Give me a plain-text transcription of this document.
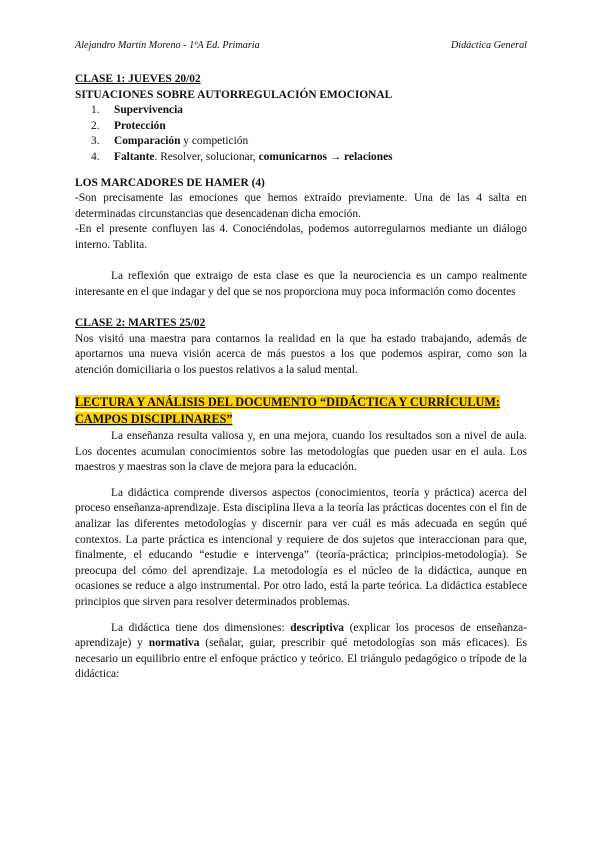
Alejandro Martín Moreno - 1ºA Ed. Primaria	Didáctica General
CLASE 1: JUEVES 20/02
SITUACIONES SOBRE AUTORREGULACIÓN EMOCIONAL
1. Supervivencia
2. Protección
3. Comparación y competición
4. Faltante. Resolver, solucionar, comunicarnos → relaciones
LOS MARCADORES DE HAMER (4)

-Son precisamente las emociones que hemos extraído previamente. Una de las 4 salta en determinadas circunstancias que desencadenan dicha emoción.

-En el presente confluyen las 4. Conociéndolas, podemos autorregularnos mediante un diálogo interno. Tablita.

La reflexión que extraigo de esta clase es que la neurociencia es un campo realmente interesante en el que indagar y del que se nos proporciona muy poca información como docentes

CLASE 2: MARTES 25/02

Nos visitó una maestra para contarnos la realidad en la que ha estado trabajando, además de aportarnos una nueva visión acerca de más puestos a los que podemos aspirar, como son la atención domiciliaria o los puestos relativos a la salud mental.

LECTURA Y ANÁLISIS DEL DOCUMENTO “DIDÁCTICA Y CURRÍCULUM:
CAMPOS DISCIPLINARES”

La enseñanza resulta valiosa y, en una mejora, cuando los resultados son a nivel de aula. Los docentes acumulan conocimientos sobre las metodologías que pueden usar en el aula. Los maestros y maestras son la clave de mejora para la educación.

La didáctica comprende diversos aspectos (conocimientos, teoría y práctica) acerca del proceso enseñanza-aprendizaje. Esta disciplina lleva a la teoría las prácticas docentes con el fin de analizar las diferentes metodologías y discernir para ver cuál es más adecuada en según qué contextos. La parte práctica es intencional y requiere de dos sujetos que interaccionan para que, finalmente, el educando “estudie e intervenga” (teoría-práctica; principios-metodología). Se preocupa del cómo del aprendizaje. La metodología es el núcleo de la didáctica, aunque en ocasiones se reduce a algo instrumental. Por otro lado, está la parte teórica. La didáctica establece principios que sirven para resolver determinados problemas.

La didáctica tiene dos dimensiones: descriptiva (explicar los procesos de enseñanza-aprendizaje) y normativa (señalar, guiar, prescribir qué metodologías son más eficaces). Es necesario un equilibrio entre el enfoque práctico y teórico. El triángulo pedagógico o trípode de la didáctica:
